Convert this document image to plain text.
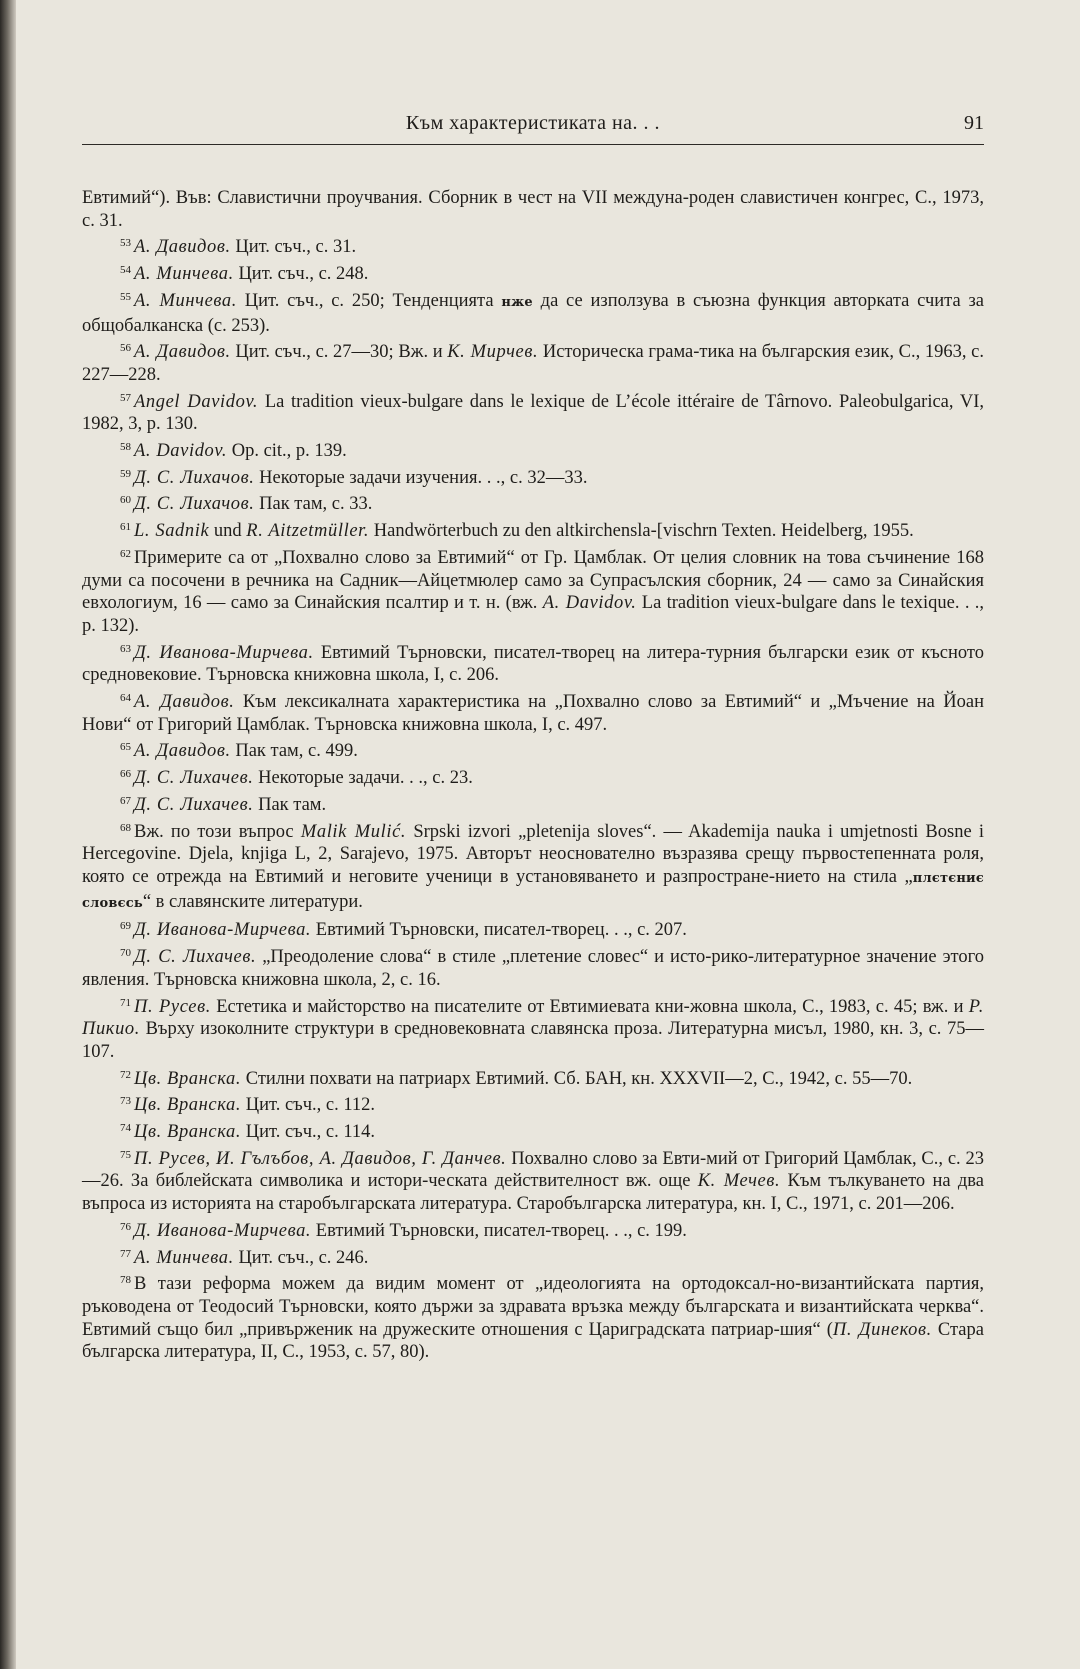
Към характеристиката на. . .	91
Евтимий“). Във: Славистични проучвания. Сборник в чест на VII междуна-роден славистичен конгрес, С., 1973, с. 31.
$^{53}$ А. Давидов. Цит. съч., с. 31.
$^{54}$ А. Минчева. Цит. съч., с. 248.
$^{55}$ А. Минчева. Цит. съч., с. 250; Тенденцията нже да се използува в съюзна функция авторката счита за общобалканска (с. 253).
$^{56}$ А. Давидов. Цит. съч., с. 27—30; Вж. и К. Мирчев. Историческа грама-тика на българския език, С., 1963, с. 227—228.
$^{57}$ Angel Davidov. La tradition vieux-bulgare dans le lexique de L’école ittéraire de Târnovo. Paleobulgarica, VI, 1982, 3, p. 130.
$^{58}$ A. Davidov. Op. cit., p. 139.
$^{59}$ Д. С. Лихачов. Некоторые задачи изучения. . ., с. 32—33.
$^{60}$ Д. С. Лихачов. Пак там, с. 33.
$^{61}$ L. Sadnik und R. Aitzetmüller. Handwörterbuch zu den altkirchensla-[vischrn Texten. Heidelberg, 1955.
$^{62}$ Примерите са от „Похвално слово за Евтимий“ от Гр. Цамблак. От целия словник на това съчинение 168 думи са посочени в речника на Садник—Айцетмюлер само за Супрасълския сборник, 24 — само за Синайския евхологиум, 16 — само за Синайския псалтир и т. н. (вж. А. Davidov. La tradition vieux-bulgare dans le texique. . ., p. 132).
$^{63}$ Д. Иванова-Мирчева. Евтимий Търновски, писател-творец на литера-турния български език от късното средновековие. Търновска книжовна школа, I, с. 206.
$^{64}$ А. Давидов. Към лексикалната характеристика на „Похвално слово за Евтимий“ и „Мъчение на Йоан Нови“ от Григорий Цамблак. Търновска книжовна школа, I, с. 497.
$^{65}$ А. Давидов. Пак там, с. 499.
$^{66}$ Д. С. Лихачев. Некоторые задачи. . ., с. 23.
$^{67}$ Д. С. Лихачев. Пак там.
$^{68}$ Вж. по този въпрос Malik Mulić. Srpski izvori „pletenija sloves“. — Akademija nauka i umjetnosti Bosne i Hercegovine. Djela, knjiga L, 2, Sarajevo, 1975. Авторът неоснователно възразява срещу първостепенната роля, която се отрежда на Евтимий и неговите ученици в установяването и разпростране-нието на стила „плєтєниє словєсь“ в славянските литератури.
$^{69}$ Д. Иванова-Мирчева. Евтимий Търновски, писател-творец. . ., с. 207.
$^{70}$ Д. С. Лихачев. „Преодоление слова“ в стиле „плетение словес“ и исто-рико-литературное значение этого явления. Търновска книжовна школа, 2, с. 16.
$^{71}$ П. Русев. Естетика и майсторство на писателите от Евтимиевата кни-жовна школа, С., 1983, с. 45; вж. и Р. Пикио. Върху изоколните структури в средновековната славянска проза. Литературна мисъл, 1980, кн. 3, с. 75—107.
$^{72}$ Цв. Вранска. Стилни похвати на патриарх Евтимий. Сб. БАН, кн. XXXVII—2, С., 1942, с. 55—70.
$^{73}$ Цв. Вранска. Цит. съч., с. 112.
$^{74}$ Цв. Вранска. Цит. съч., с. 114.
$^{75}$ П. Русев, И. Гълъбов, А. Давидов, Г. Данчев. Похвално слово за Евти-мий от Григорий Цамблак, С., с. 23—26. За библейската символика и истори-ческата действителност вж. още К. Мечев. Към тълкуването на два въпроса из историята на старобългарската литература. Старобългарска литература, кн. I, С., 1971, с. 201—206.
$^{76}$ Д. Иванова-Мирчева. Евтимий Търновски, писател-творец. . ., с. 199.
$^{77}$ А. Минчева. Цит. съч., с. 246.
$^{78}$ В тази реформа можем да видим момент от „идеологията на ортодоксал-но-византийската партия, ръководена от Теодосий Търновски, която държи за здравата връзка между българската и византийската черква“. Евтимий също бил „привърженик на дружеските отношения с Цариградската патриар-шия“ (П. Динеков. Стара българска литература, II, С., 1953, с. 57, 80).
